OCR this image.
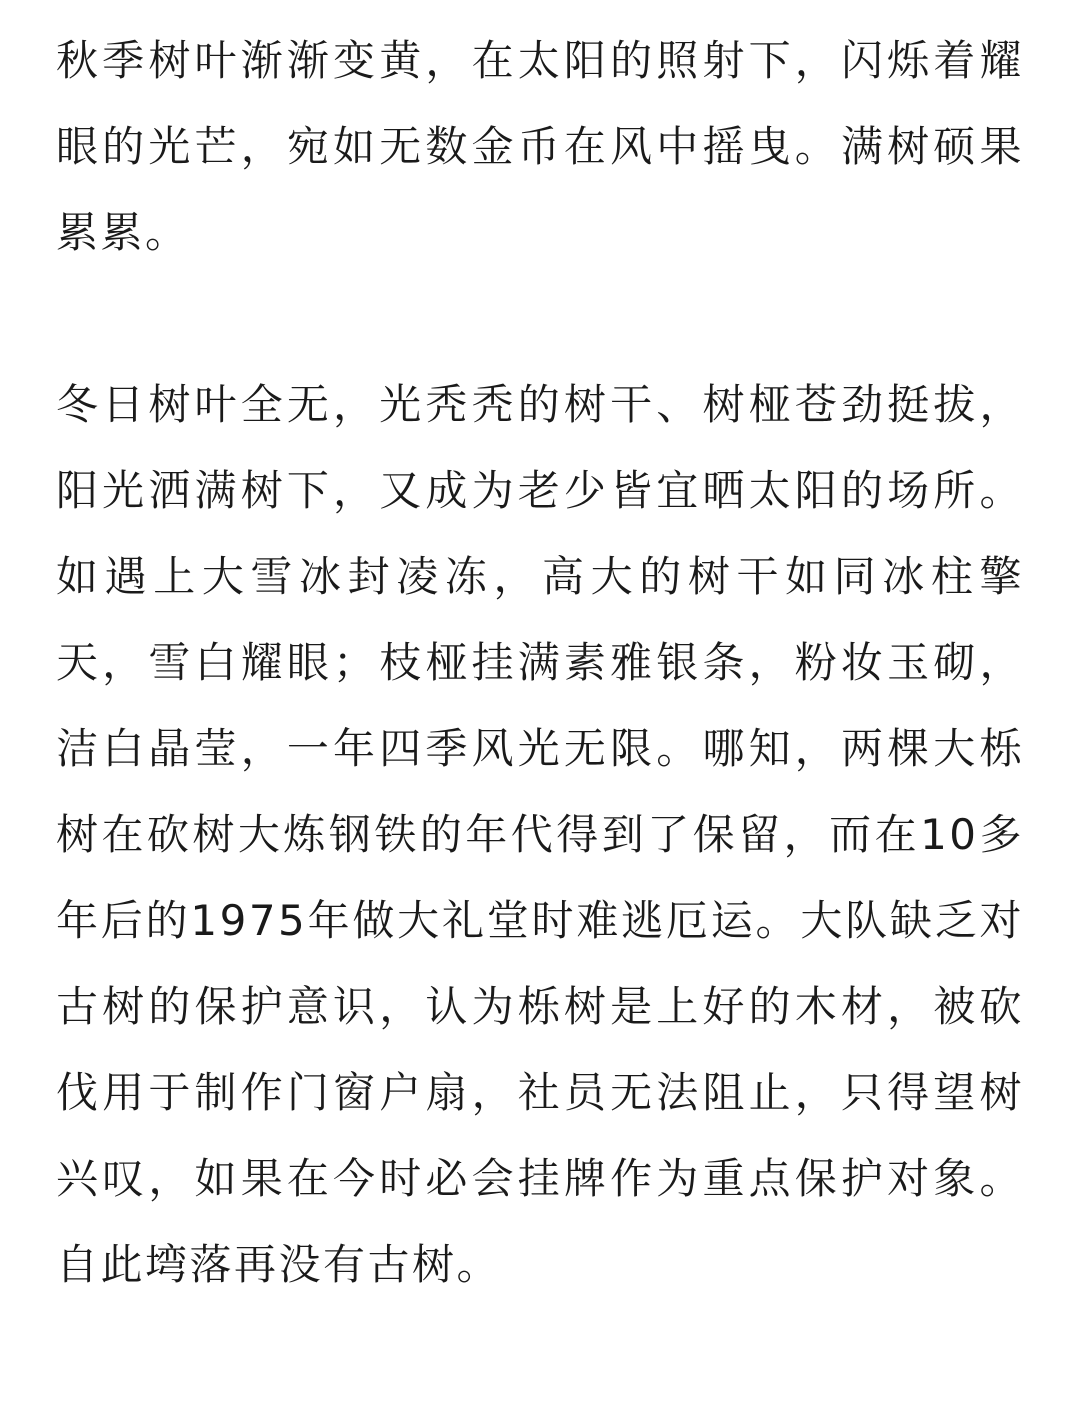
秋季树叶渐渐变黄，在太阳的照射下，闪烁着耀眼的光芒，宛如无数金币在风中摇曳。满树硕果累累。

冬日树叶全无，光秃秃的树干、树桠苍劲挺拔，阳光洒满树下，又成为老少皆宜晒太阳的场所。如遇上大雪冰封凌冻，高大的树干如同冰柱擎天，雪白耀眼；枝桠挂满素雅银条，粉妆玉砌，洁白晶莹，一年四季风光无限。哪知，两棵大栎树在砍树大炼钢铁的年代得到了保留，而在10多年后的1975年做大礼堂时难逃厄运。大队缺乏对古树的保护意识，认为栎树是上好的木材，被砍伐用于制作门窗户扇，社员无法阻止，只得望树兴叹，如果在今时必会挂牌作为重点保护对象。自此塆落再没有古树。
